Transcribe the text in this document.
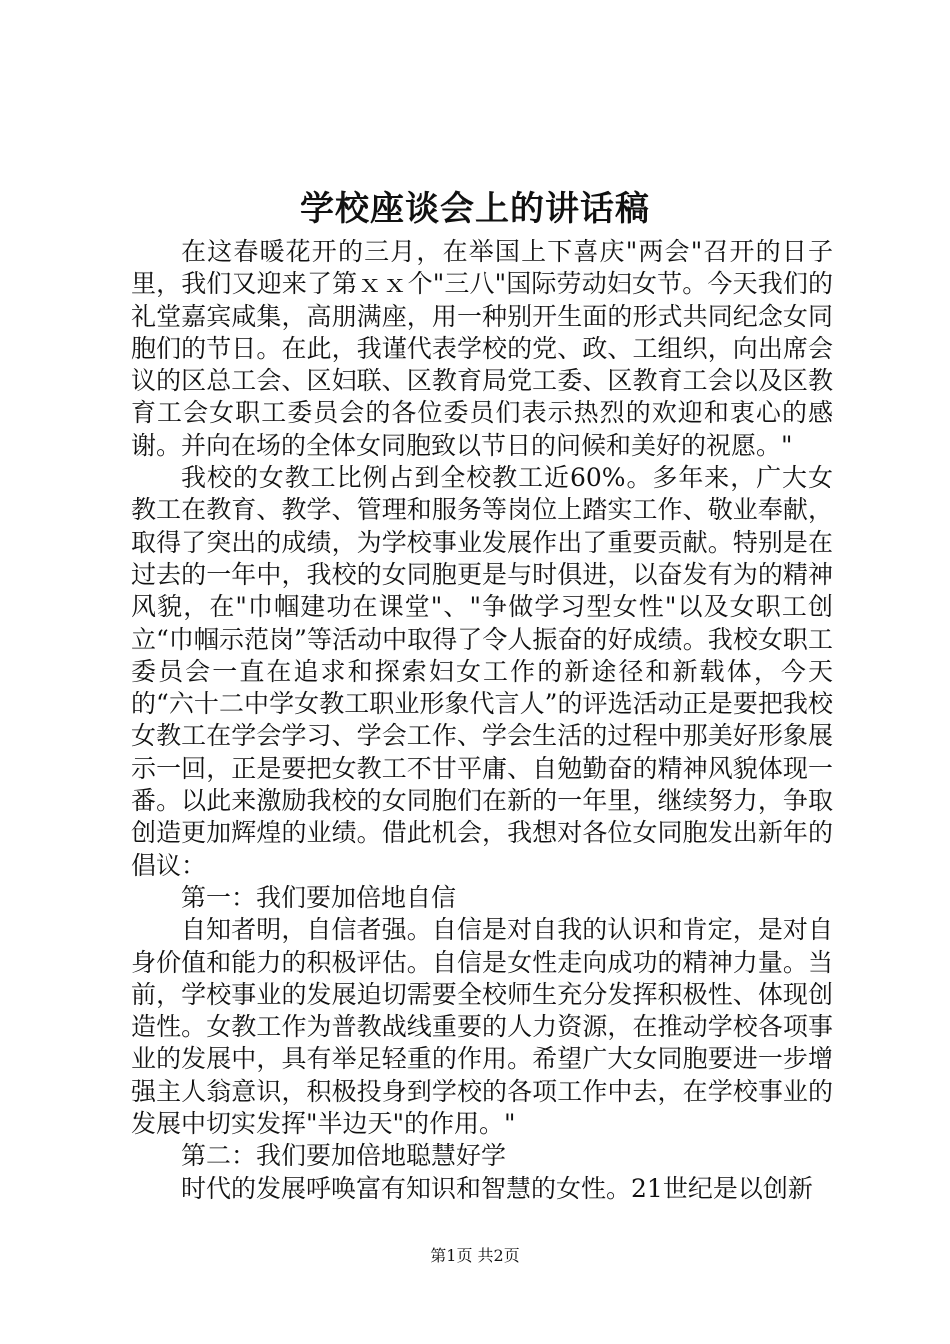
学校座谈会上的讲话稿

在这春暖花开的三月，在举国上下喜庆"两会"召开的日子里，我们又迎来了第ｘｘ个"三八"国际劳动妇女节。今天我们的礼堂嘉宾咸集，高朋满座，用一种别开生面的形式共同纪念女同胞们的节日。在此，我谨代表学校的党、政、工组织，向出席会议的区总工会、区妇联、区教育局党工委、区教育工会以及区教育工会女职工委员会的各位委员们表示热烈的欢迎和衷心的感谢。并向在场的全体女同胞致以节日的问候和美好的祝愿。"

我校的女教工比例占到全校教工近60%。多年来，广大女教工在教育、教学、管理和服务等岗位上踏实工作、敬业奉献，取得了突出的成绩，为学校事业发展作出了重要贡献。特别是在过去的一年中，我校的女同胞更是与时俱进，以奋发有为的精神风貌，在"巾帼建功在课堂"、"争做学习型女性"以及女职工创立“巾帼示范岗”等活动中取得了令人振奋的好成绩。我校女职工委员会一直在追求和探索妇女工作的新途径和新载体，今天的“六十二中学女教工职业形象代言人”的评选活动正是要把我校女教工在学会学习、学会工作、学会生活的过程中那美好形象展示一回，正是要把女教工不甘平庸、自勉勤奋的精神风貌体现一番。以此来激励我校的女同胞们在新的一年里，继续努力，争取创造更加辉煌的业绩。借此机会，我想对各位女同胞发出新年的倡议：

第一：我们要加倍地自信

自知者明，自信者强。自信是对自我的认识和肯定，是对自身价值和能力的积极评估。自信是女性走向成功的精神力量。当前，学校事业的发展迫切需要全校师生充分发挥积极性、体现创造性。女教工作为普教战线重要的人力资源，在推动学校各项事业的发展中，具有举足轻重的作用。希望广大女同胞要进一步增强主人翁意识，积极投身到学校的各项工作中去，在学校事业的发展中切实发挥"半边天"的作用。"

第二：我们要加倍地聪慧好学

时代的发展呼唤富有知识和智慧的女性。21世纪是以创新

第1页 共2页
